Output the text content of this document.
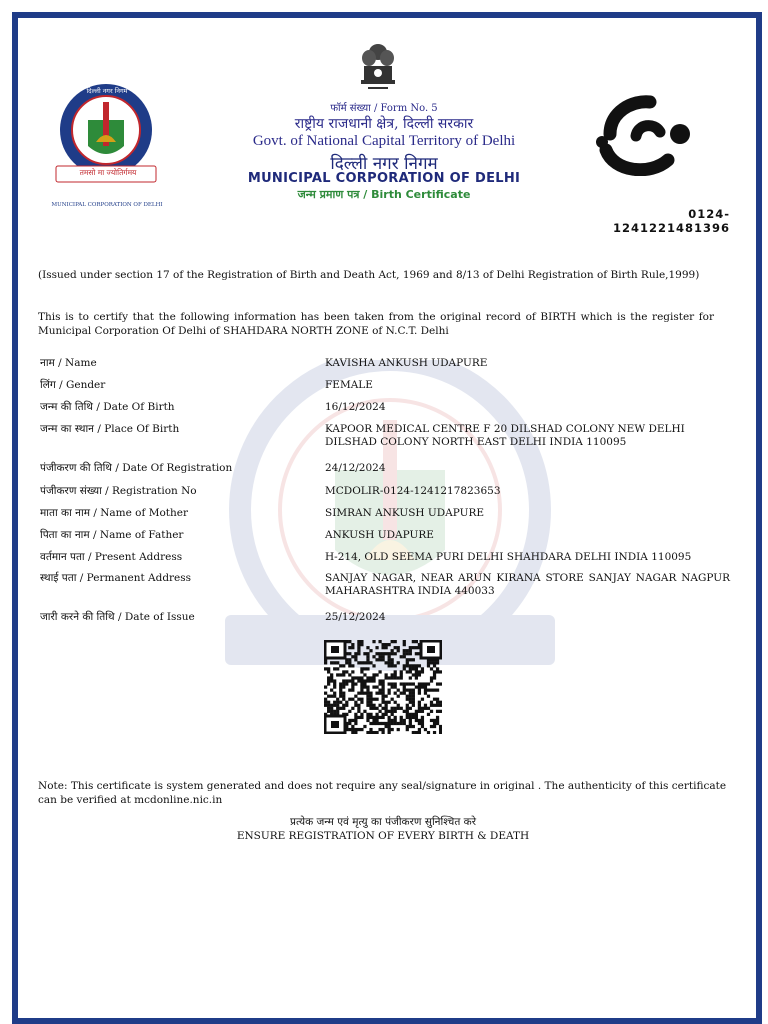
दिल्ली नगर निगम
तमसो मा ज्योतिर्गमय
MUNICIPAL CORPORATION OF DELHI
फॉर्म संख्या / Form No. 5
राष्ट्रीय राजधानी क्षेत्र, दिल्ली सरकार
Govt. of National Capital Territory of Delhi
दिल्ली नगर निगम
MUNICIPAL CORPORATION OF DELHI
जन्म प्रमाण पत्र / Birth Certificate
0124-1241221481396
(Issued under section 17 of the Registration of Birth and Death Act, 1969 and 8/13 of Delhi Registration of Birth Rule,1999)
This is to certify that the following information has been taken from the original record of BIRTH which is the register for Municipal Corporation Of Delhi of SHAHDARA NORTH ZONE of N.C.T. Delhi
नाम / Name	KAVISHA ANKUSH UDAPURE
लिंग / Gender	FEMALE
जन्म की तिथि / Date Of Birth	16/12/2024
जन्म का स्थान / Place Of Birth	KAPOOR MEDICAL CENTRE F 20 DILSHAD COLONY NEW DELHI DILSHAD COLONY NORTH EAST DELHI INDIA 110095
पंजीकरण की तिथि / Date Of Registration	24/12/2024
पंजीकरण संख्या / Registration No	MCDOLIR-0124-1241217823653
माता का नाम / Name of Mother	SIMRAN ANKUSH UDAPURE
पिता का नाम / Name of Father	ANKUSH UDAPURE
वर्तमान पता / Present Address	H-214, OLD SEEMA PURI DELHI SHAHDARA DELHI INDIA 110095
स्थाई पता / Permanent Address	SANJAY NAGAR, NEAR ARUN KIRANA STORE SANJAY NAGAR NAGPUR MAHARASHTRA INDIA 440033
जारी करने की तिथि / Date of Issue	25/12/2024
Note: This certificate is system generated and does not require any seal/signature in original . The authenticity of this certificate can be verified at mcdonline.nic.in
प्रत्येक जन्म एवं मृत्यु का पंजीकरण सुनिश्चित करे
ENSURE REGISTRATION OF EVERY BIRTH & DEATH
